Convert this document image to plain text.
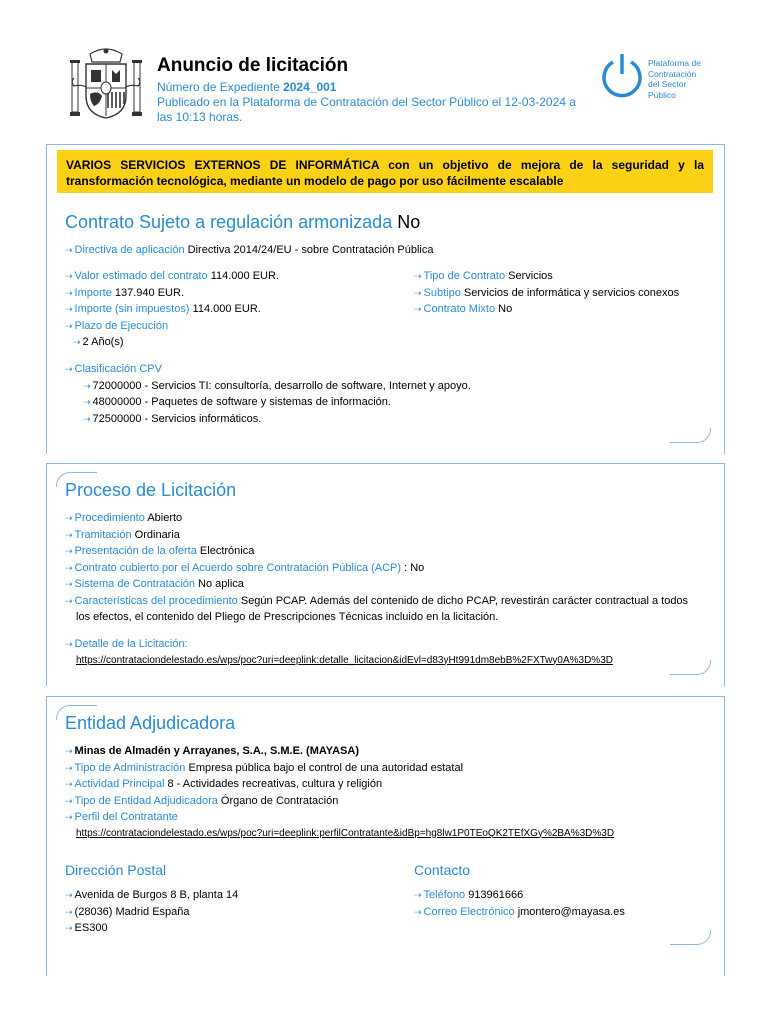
Anuncio de licitación
Número de Expediente 2024_001
Publicado en la Plataforma de Contratación del Sector Público el 12-03-2024 a
las 10:13 horas.
Plataforma de
Contratación
del Sector
Público
VARIOS SERVICIOS EXTERNOS DE INFORMÁTICA con un objetivo de mejora de la seguridad y la transformación tecnológica, mediante un modelo de pago por uso fácilmente escalable
Contrato Sujeto a regulación armonizada No
⇢ Directiva de aplicación Directiva 2014/24/EU - sobre Contratación Pública
⇢ Valor estimado del contrato 114.000 EUR.
⇢ Importe 137.940 EUR.
⇢ Importe (sin impuestos) 114.000 EUR.
⇢ Plazo de Ejecución
⇢ 2 Año(s)
⇢ Tipo de Contrato Servicios
⇢ Subtipo Servicios de informática y servicios conexos
⇢ Contrato Mixto No
⇢ Clasificación CPV
⇢ 72000000 - Servicios TI: consultoría, desarrollo de software, Internet y apoyo.
⇢ 48000000 - Paquetes de software y sistemas de información.
⇢ 72500000 - Servicios informáticos.
Proceso de Licitación
⇢ Procedimiento Abierto
⇢ Tramitación Ordinaria
⇢ Presentación de la oferta Electrónica
⇢ Contrato cubierto por el Acuerdo sobre Contratación Pública (ACP) : No
⇢ Sistema de Contratación No aplica
⇢ Características del procedimiento Según PCAP. Además del contenido de dicho PCAP, revestirán carácter contractual a todos
los efectos, el contenido del Pliego de Prescripciones Técnicas incluido en la licitación.
⇢ Detalle de la Licitación:
https://contrataciondelestado.es/wps/poc?uri=deeplink:detalle_licitacion&idEvl=d83yHt991dm8ebB%2FXTwy0A%3D%3D
Entidad Adjudicadora
⇢ Minas de Almadén y Arrayanes, S.A., S.M.E. (MAYASA)
⇢ Tipo de Administración Empresa pública bajo el control de una autoridad estatal
⇢ Actividad Principal 8 - Actividades recreativas, cultura y religión
⇢ Tipo de Entidad Adjudicadora Órgano de Contratación
⇢ Perfil del Contratante
https://contrataciondelestado.es/wps/poc?uri=deeplink:perfilContratante&idBp=hg8lw1P0TEoQK2TEfXGy%2BA%3D%3D
Dirección Postal
⇢ Avenida de Burgos 8 B, planta 14
⇢ (28036) Madrid España
⇢ ES300
Contacto
⇢ Teléfono 913961666
⇢ Correo Electrónico jmontero@mayasa.es
